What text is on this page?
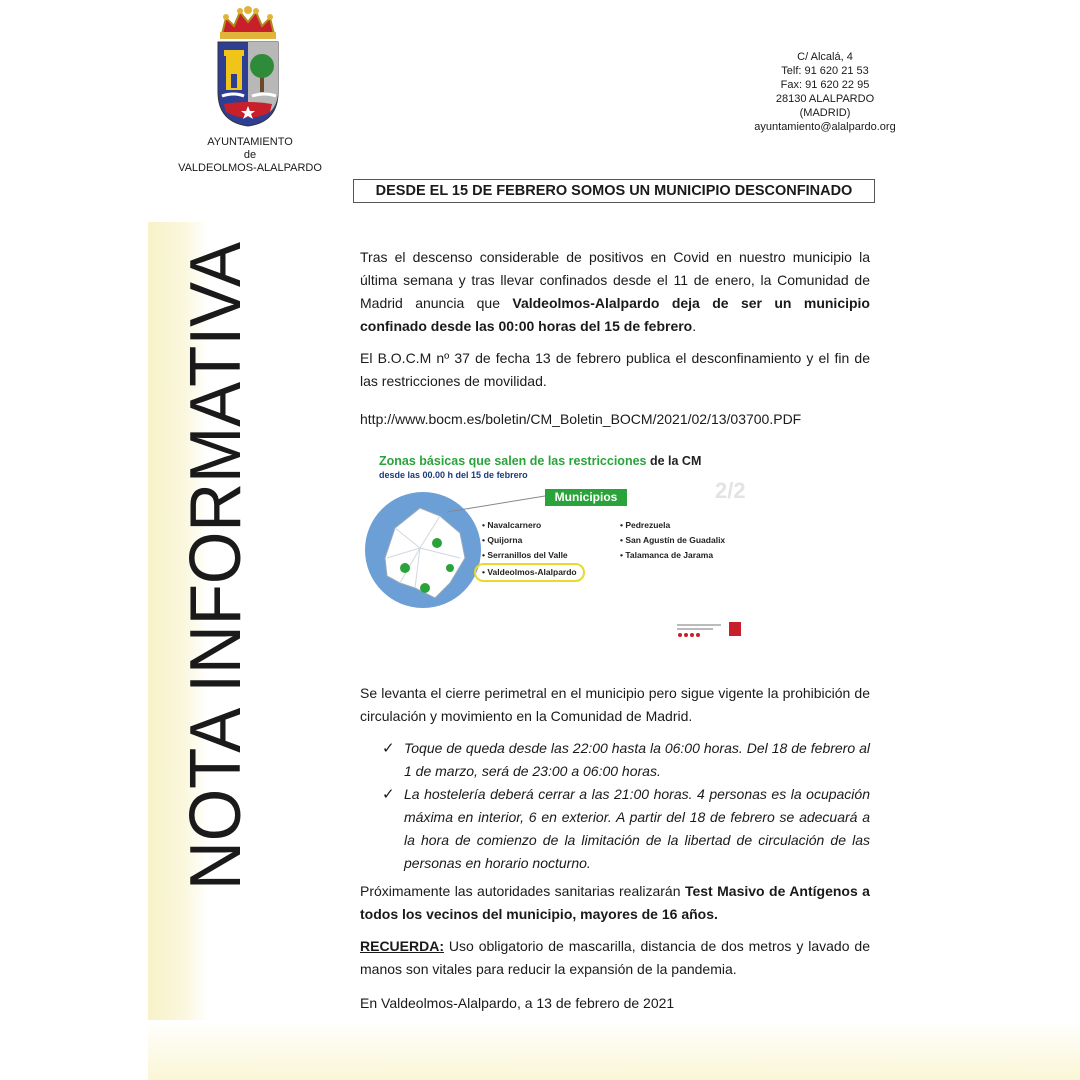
AYUNTAMIENTO
de
VALDEOLMOS-ALALPARDO
C/ Alcalá, 4
Telf: 91 620 21 53
Fax: 91 620 22 95
28130 ALALPARDO
(MADRID)
ayuntamiento@alalpardo.org
DESDE EL 15 DE FEBRERO SOMOS UN MUNICIPIO DESCONFINADO
NOTA INFORMATIVA	Tras el descenso considerable de positivos en Covid en nuestro municipio la última semana y tras llevar confinados desde el 11 de enero, la Comunidad de Madrid anuncia que Valdeolmos-Alalpardo deja de ser un municipio confinado desde las 00:00 horas del 15 de febrero.
El B.O.C.M nº 37 de fecha 13 de febrero publica el desconfinamiento y el fin de las restricciones de movilidad.
http://www.bocm.es/boletin/CM_Boletin_BOCM/2021/02/13/03700.PDF
Zonas básicas que salen de las restricciones de la CM
desde las 00.00 h del 15 de febrero
2/2
Municipios
• Navalcarnero
• Quijorna
• Serranillos del Valle
• Valdeolmos-Alalpardo
• Pedrezuela
• San Agustín de Guadalix
• Talamanca de Jarama
Se levanta el cierre perimetral en el municipio pero sigue vigente la prohibición de circulación y movimiento en la Comunidad de Madrid.
✓ Toque de queda desde las 22:00 hasta la 06:00 horas. Del 18 de febrero al 1 de marzo, será de 23:00 a 06:00 horas.
✓ La hostelería deberá cerrar a las 21:00 horas. 4 personas es la ocupación máxima en interior, 6 en exterior. A partir del 18 de febrero se adecuará a la hora de comienzo de la limitación de la libertad de circulación de las personas en horario nocturno.
Próximamente las autoridades sanitarias realizarán Test Masivo de Antígenos a todos los vecinos del municipio, mayores de 16 años.
RECUERDA: Uso obligatorio de mascarilla, distancia de dos metros y lavado de manos son vitales para reducir la expansión de la pandemia.
En Valdeolmos-Alalpardo, a 13 de febrero de 2021
